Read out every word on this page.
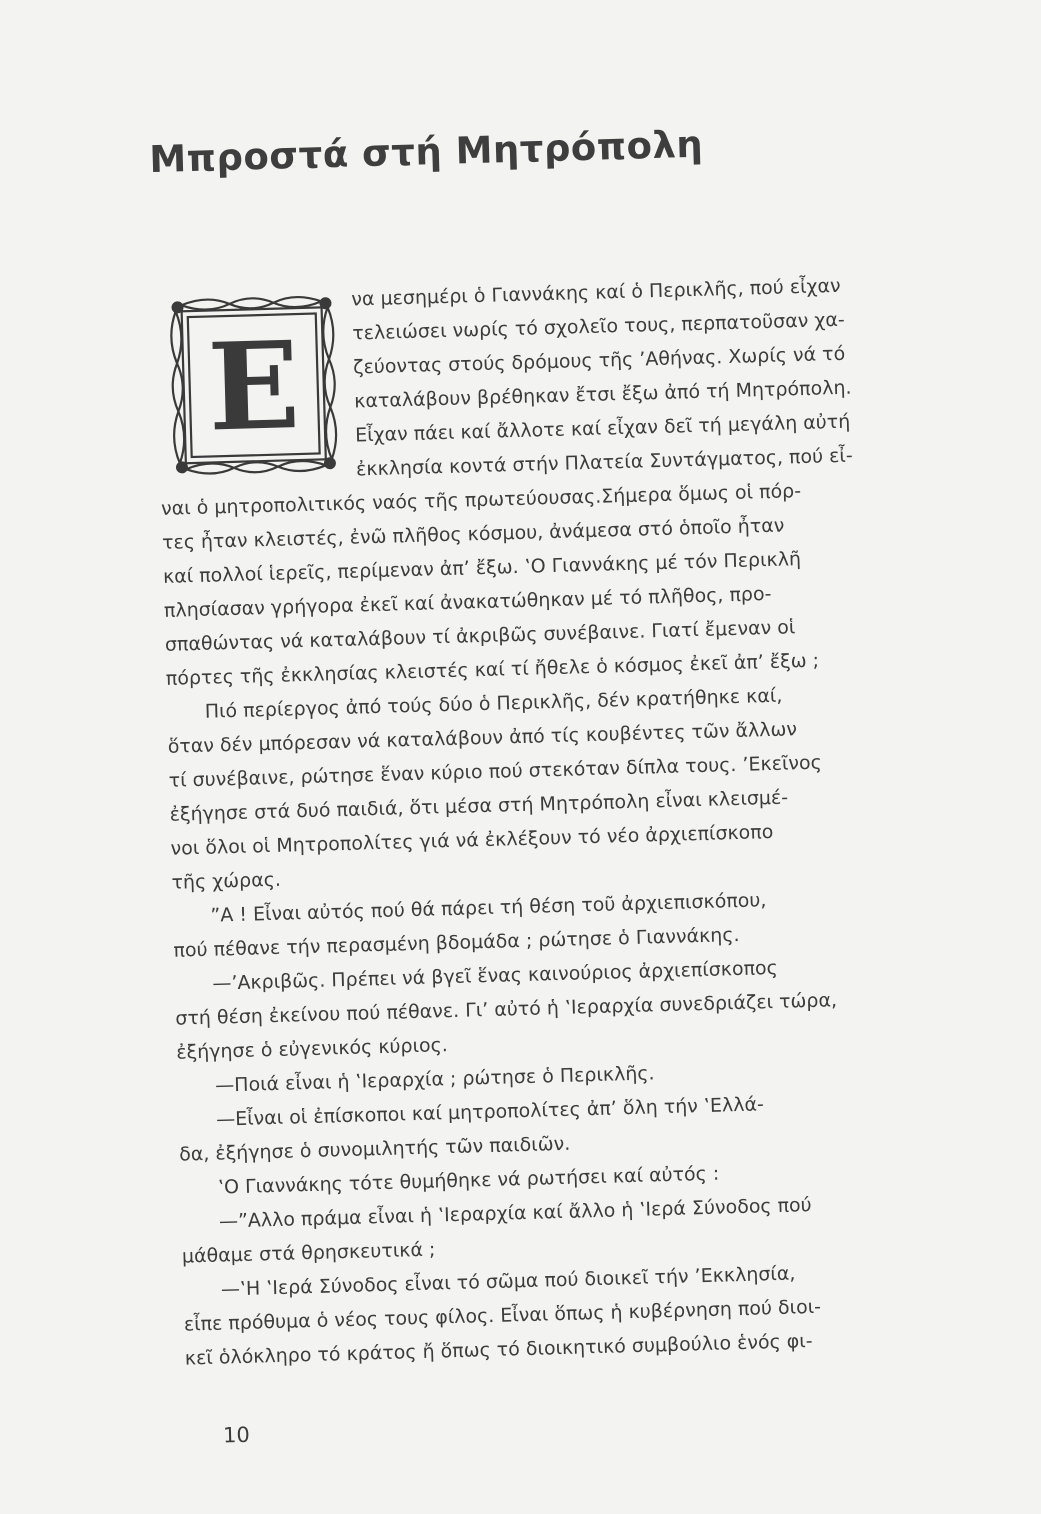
Μπροστά στή Μητρόπολη
Ε
να μεσημέρι ὁ Γιαννάκης καί ὁ Περικλῆς, πού εἶχαν
τελειώσει νωρίς τό σχολεῖο τους, περπατοῦσαν χα-
ζεύοντας στούς δρόμους τῆς ’Αθήνας. Χωρίς νά τό
καταλάβουν βρέθηκαν ἔτσι ἔξω ἀπό τή Μητρόπολη.
Εἶχαν πάει καί ἄλλοτε καί εἶχαν δεῖ τή μεγάλη αὐτή
ἐκκλησία κοντά στήν Πλατεία Συντάγματος, πού εἶ-
ναι ὁ μητροπολιτικός ναός τῆς πρωτεύουσας.Σήμερα ὅμως οἱ πόρ-
τες ἦταν κλειστές, ἐνῶ πλῆθος κόσμου, ἀνάμεσα στό ὁποῖο ἦταν
καί πολλοί ἱερεῖς, περίμεναν ἀπ’ ἔξω. ‛Ο Γιαννάκης μέ τόν Περικλῆ
πλησίασαν γρήγορα ἐκεῖ καί ἀνακατώθηκαν μέ τό πλῆθος, προ-
σπαθώντας νά καταλάβουν τί ἀκριβῶς συνέβαινε. Γιατί ἔμεναν οἱ
πόρτες τῆς ἐκκλησίας κλειστές καί τί ἤθελε ὁ κόσμος ἐκεῖ ἀπ’ ἔξω ;
Πιό περίεργος ἀπό τούς δύο ὁ Περικλῆς, δέν κρατήθηκε καί,
ὅταν δέν μπόρεσαν νά καταλάβουν ἀπό τίς κουβέντες τῶν ἄλλων
τί συνέβαινε, ρώτησε ἕναν κύριο πού στεκόταν δίπλα τους. ’Εκεῖνος
ἐξήγησε στά δυό παιδιά, ὅτι μέσα στή Μητρόπολη εἶναι κλεισμέ-
νοι ὅλοι οἱ Μητροπολίτες γιά νά ἐκλέξουν τό νέο ἀρχιεπίσκοπο
τῆς χώρας.
”Α ! Εἶναι αὐτός πού θά πάρει τή θέση τοῦ ἀρχιεπισκόπου,
πού πέθανε τήν περασμένη βδομάδα ; ρώτησε ὁ Γιαννάκης.
—’Ακριβῶς. Πρέπει νά βγεῖ ἕνας καινούριος ἀρχιεπίσκοπος
στή θέση ἐκείνου πού πέθανε. Γι’ αὐτό ἡ ‛Ιεραρχία συνεδριάζει τώρα,
ἐξήγησε ὁ εὐγενικός κύριος.
—Ποιά εἶναι ἡ ‛Ιεραρχία ; ρώτησε ὁ Περικλῆς.
—Εἶναι οἱ ἐπίσκοποι καί μητροπολίτες ἀπ’ ὅλη τήν ‛Ελλά-
δα, ἐξήγησε ὁ συνομιλητής τῶν παιδιῶν.
‛Ο Γιαννάκης τότε θυμήθηκε νά ρωτήσει καί αὐτός :
—”Αλλο πράμα εἶναι ἡ ‛Ιεραρχία καί ἄλλο ἡ ‛Ιερά Σύνοδος πού
μάθαμε στά θρησκευτικά ;
—‛Η ‛Ιερά Σύνοδος εἶναι τό σῶμα πού διοικεῖ τήν ’Εκκλησία,
εἶπε πρόθυμα ὁ νέος τους φίλος. Εἶναι ὅπως ἡ κυβέρνηση πού διοι-
κεῖ ὁλόκληρο τό κράτος ἤ ὅπως τό διοικητικό συμβούλιο ἑνός φι-
10
